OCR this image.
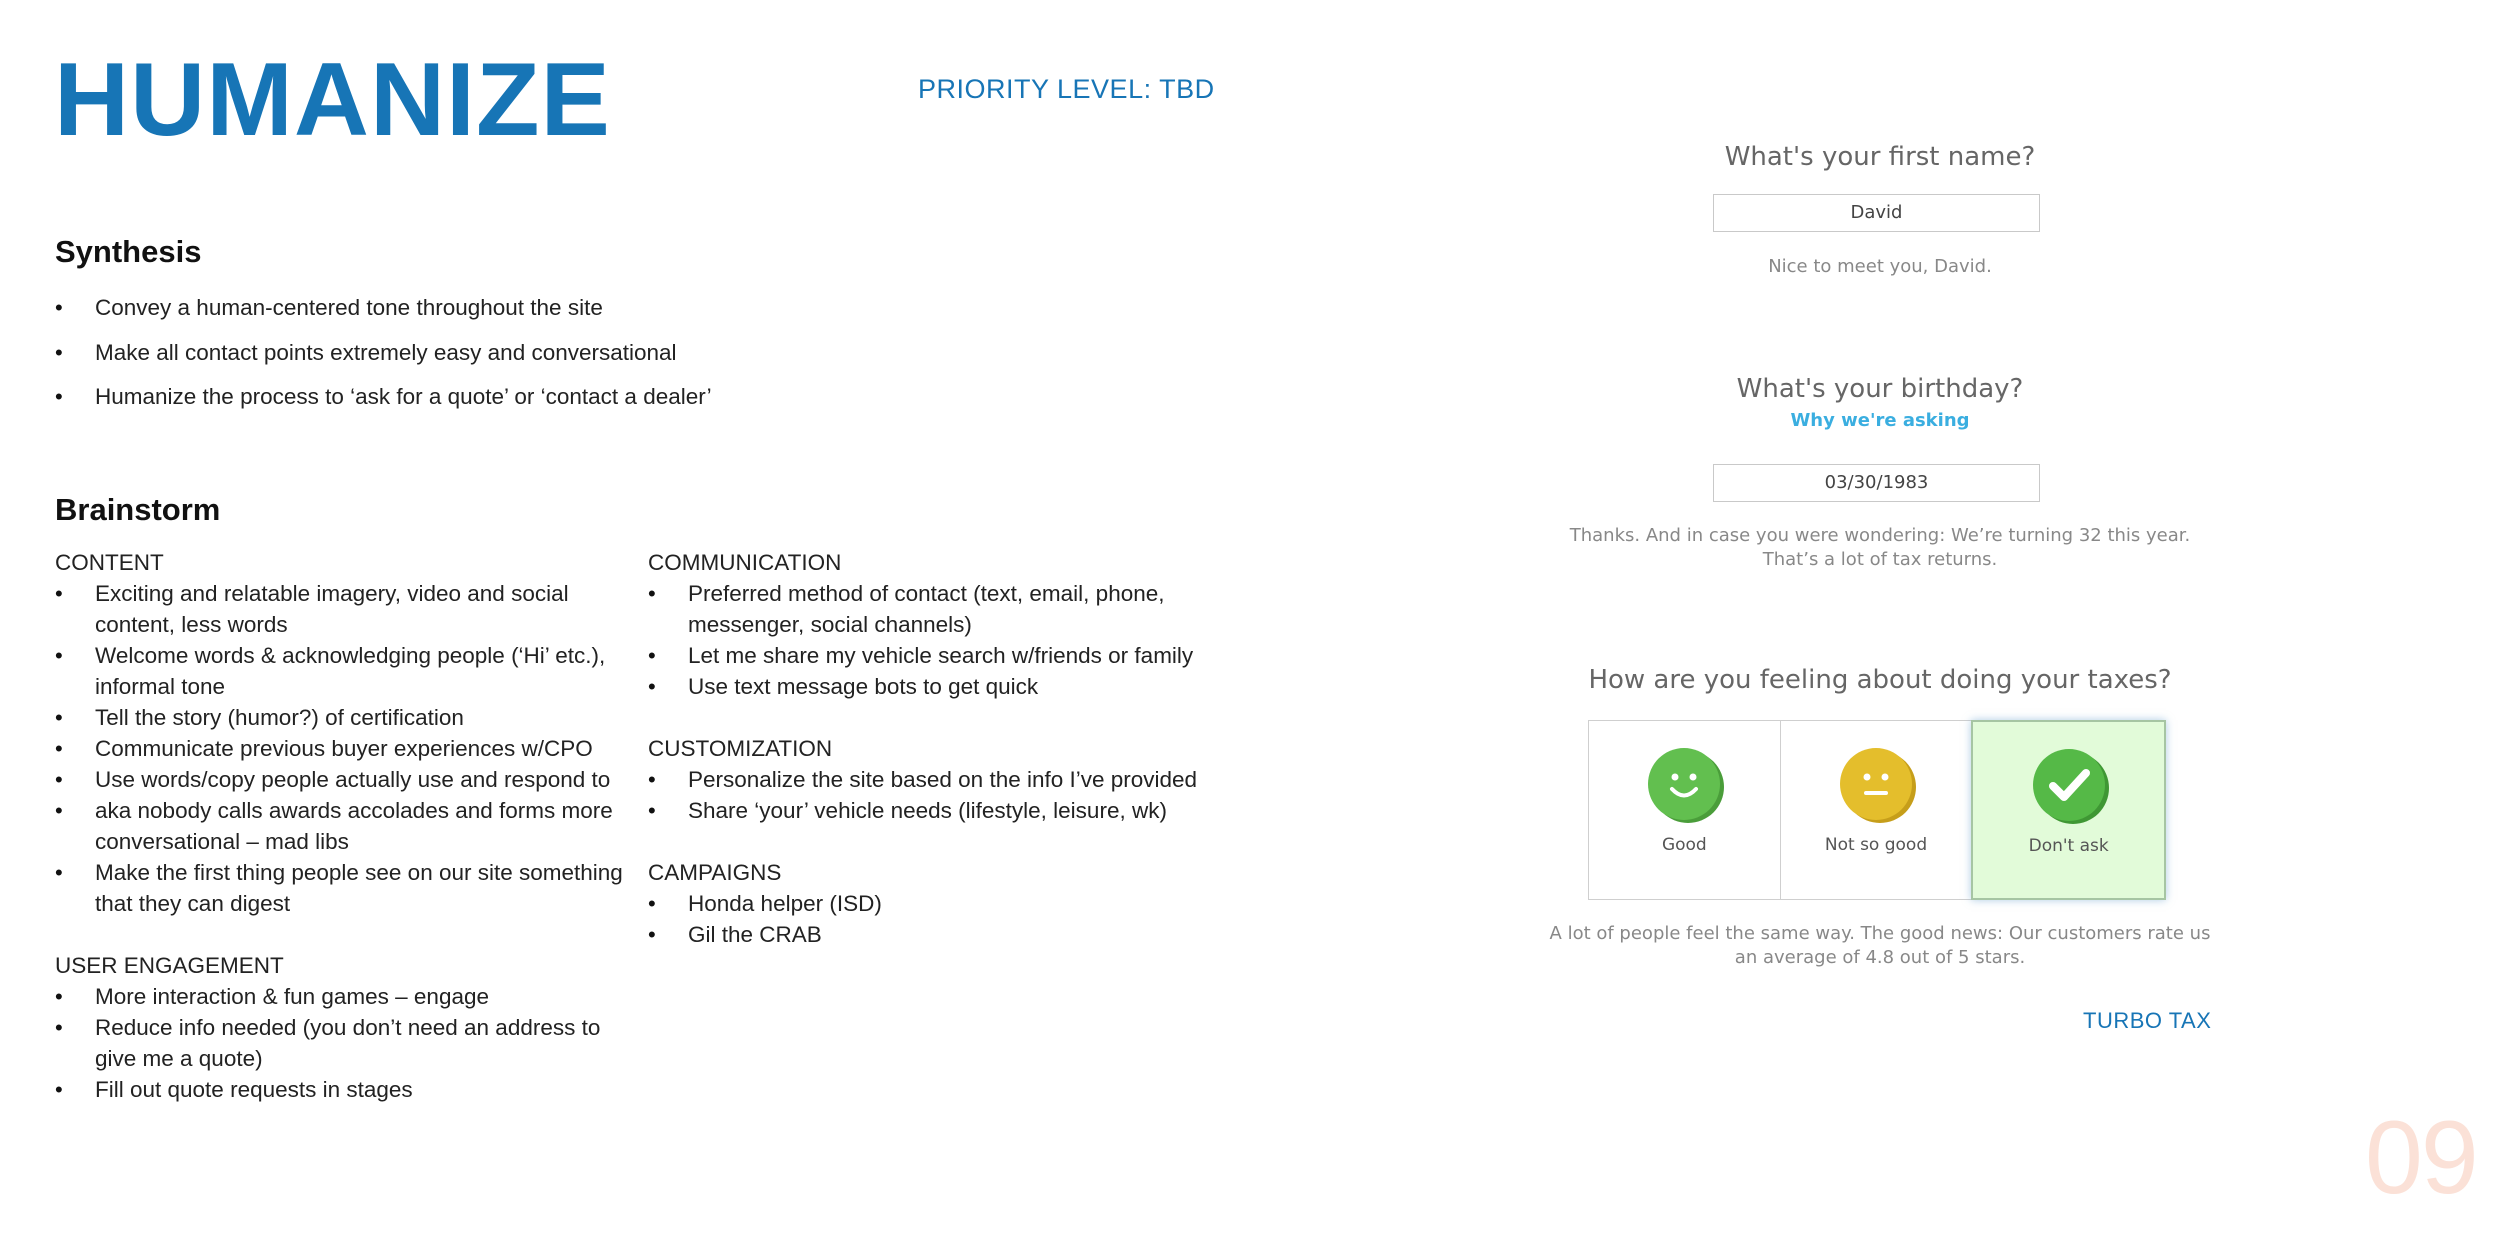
HUMANIZE	PRIORITY LEVEL: TBD
Synthesis
• Convey a human-centered tone throughout the site
• Make all contact points extremely easy and conversational
• Humanize the process to ‘ask for a quote’ or ‘contact a dealer’
Brainstorm
CONTENT
• Exciting and relatable imagery, video and social content, less words
• Welcome words & acknowledging people (‘Hi’ etc.), informal tone
• Tell the story (humor?) of certification
• Communicate previous buyer experiences w/CPO
• Use words/copy people actually use and respond to
• aka nobody calls awards accolades and forms more conversational – mad libs
• Make the first thing people see on our site something that they can digest
USER ENGAGEMENT
• More interaction & fun games – engage
• Reduce info needed (you don’t need an address to give me a quote)
• Fill out quote requests in stages
COMMUNICATION
• Preferred method of contact (text, email, phone, messenger, social channels)
• Let me share my vehicle search w/friends or family
• Use text message bots to get quick
CUSTOMIZATION
• Personalize the site based on the info I’ve provided
• Share ‘your’ vehicle needs (lifestyle, leisure, wk)
CAMPAIGNS
• Honda helper (ISD)
• Gil the CRAB
What's your first name?
David
Nice to meet you, David.
What's your birthday?
Why we're asking
03/30/1983
Thanks. And in case you were wondering: We’re turning 32 this year. That’s a lot of tax returns.
How are you feeling about doing your taxes?
Good	Not so good	Don't ask
A lot of people feel the same way. The good news: Our customers rate us an average of 4.8 out of 5 stars.
TURBO TAX
09
